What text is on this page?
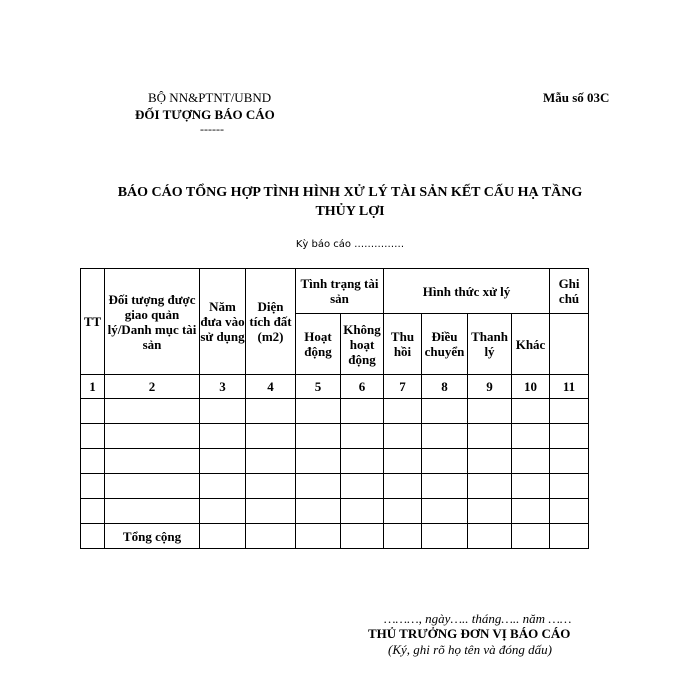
BỘ NN&PTNT/UBND
ĐỐI TƯỢNG BÁO CÁO
------
Mẫu số 03C
BÁO CÁO TỔNG HỢP TÌNH HÌNH XỬ LÝ TÀI SẢN KẾT CẤU HẠ TẦNG
THỦY LỢI
Kỳ báo cáo ……………
TT	Đối tượng được giao quản lý/Danh mục tài sản	Năm đưa vào sử dụng	Diện tích đất (m2)	Tình trạng tài sản		Hình thức xử lý				Ghi chú
				Hoạt động	Không hoạt động	Thu hồi	Điều chuyển	Thanh lý	Khác	
1	2	3	4	5	6	7	8	9	10	11

	Tổng cộng									
………, ngày….. tháng….. năm ……
THỦ TRƯỞNG ĐƠN VỊ BÁO CÁO
(Ký, ghi rõ họ tên và đóng dấu)
